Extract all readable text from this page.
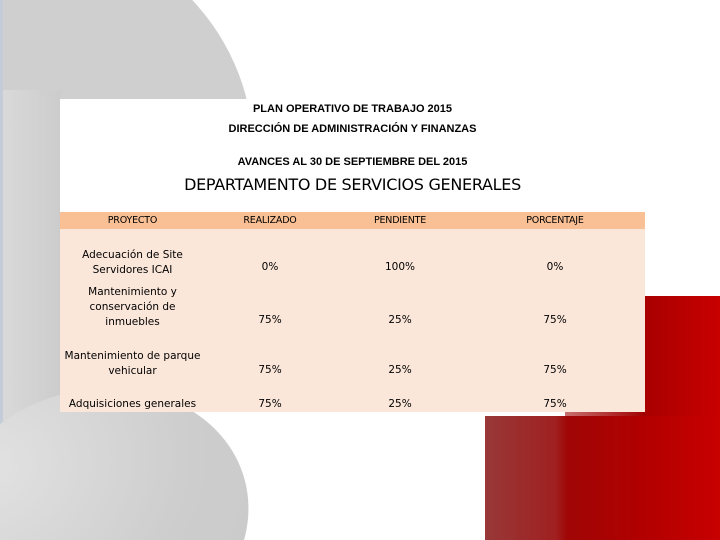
PLAN OPERATIVO DE TRABAJO 2015
DIRECCIÓN DE ADMINISTRACIÓN Y FINANZAS
AVANCES AL 30 DE SEPTIEMBRE DEL 2015
DEPARTAMENTO DE SERVICIOS GENERALES
PROYECTO	REALIZADO	PENDIENTE	PORCENTAJE
Adecuación de Site
Servidores ICAI	0%	100%	0%
Mantenimiento y
conservación de
inmuebles	75%	25%	75%
Mantenimiento de parque
vehicular	75%	25%	75%
Adquisiciones generales	75%	25%	75%
